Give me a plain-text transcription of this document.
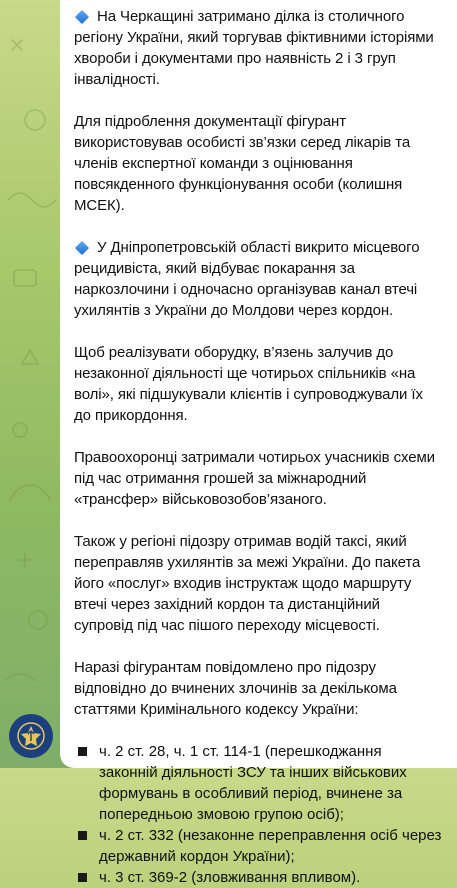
На Черкащині затримано ділка із столичного регіону України, який торгував фіктивними історіями хвороби і документами про наявність 2 і 3 груп інвалідності.

Для підроблення документації фігурант використовував особисті зв’язки серед лікарів та членів експертної команди з оцінювання повсякденного функціонування особи (колишня МСЕК).

У Дніпропетровській області викрито місцевого рецидивіста, який відбуває покарання за наркозлочини і одночасно організував канал втечі ухилянтів з України до Молдови через кордон.

Щоб реалізувати оборудку, в’язень залучив до незаконної діяльності ще чотирьох спільників «на волі», які підшукували клієнтів і супроводжували їх до прикордоння.

Правоохоронці затримали чотирьох учасників схеми під час отримання грошей за міжнародний «трансфер» військовозобов’язаного.

Також у регіоні підозру отримав водій таксі, який переправляв ухилянтів за межі України. До пакета його «послуг» входив інструктаж щодо маршруту втечі через західний кордон та дистанційний супровід під час пішого переходу місцевості.

Наразі фігурантам повідомлено про підозру відповідно до вчинених злочинів за декількома статтями Кримінального кодексу України:

ч. 2 ст. 28, ч. 1 ст. 114-1 (перешкоджання законній діяльності ЗСУ та інших військових формувань в особливий період, вчинене за попередньою змовою групою осіб);
ч. 2 ст. 332 (незаконне переправлення осіб через державний кордон України);
ч. 3 ст. 369-2 (зловживання впливом).
